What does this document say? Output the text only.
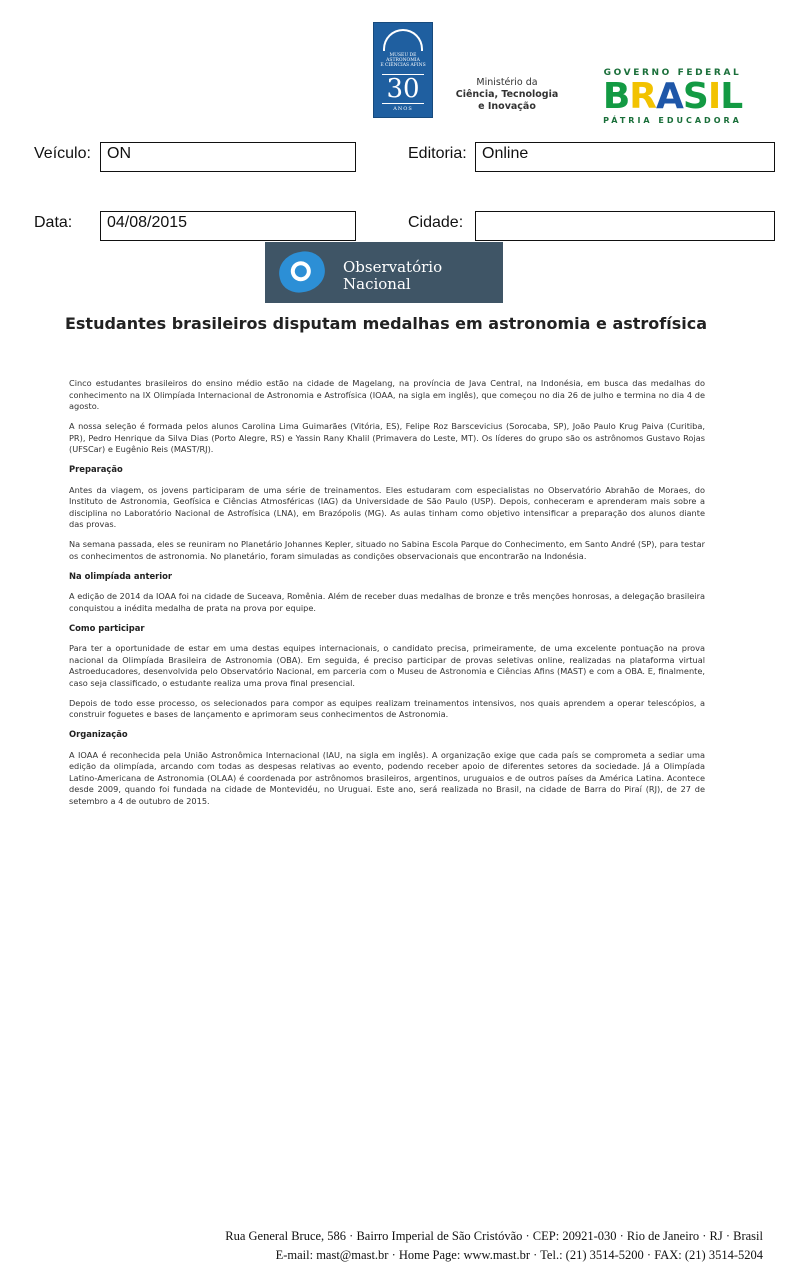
MUSEU DE
ASTRONOMIA
E CIÊNCIAS AFINS
30
ANOS
Ministério da
Ciência, Tecnologia
e Inovação
GOVERNO FEDERAL
BRASIL
PÁTRIA EDUCADORA
Veículo:	ON	Editoria: Online
Data:	04/08/2015	Cidade:
Observatório
Nacional
Estudantes brasileiros disputam medalhas em astronomia e astrofísica

Cinco estudantes brasileiros do ensino médio estão na cidade de Magelang, na província de Java Central, na Indonésia, em busca das medalhas do conhecimento na IX Olimpíada Internacional de Astronomia e Astrofísica (IOAA, na sigla em inglês), que começou no dia 26 de julho e termina no dia 4 de agosto.

A nossa seleção é formada pelos alunos Carolina Lima Guimarães (Vitória, ES), Felipe Roz Barscevicius (Sorocaba, SP), João Paulo Krug Paiva (Curitiba, PR), Pedro Henrique da Silva Dias (Porto Alegre, RS) e Yassin Rany Khalil (Primavera do Leste, MT). Os líderes do grupo são os astrônomos Gustavo Rojas (UFSCar) e Eugênio Reis (MAST/RJ).

Preparação

Antes da viagem, os jovens participaram de uma série de treinamentos. Eles estudaram com especialistas no Observatório Abrahão de Moraes, do Instituto de Astronomia, Geofísica e Ciências Atmosféricas (IAG) da Universidade de São Paulo (USP). Depois, conheceram e aprenderam mais sobre a disciplina no Laboratório Nacional de Astrofísica (LNA), em Brazópolis (MG). As aulas tinham como objetivo intensificar a preparação dos alunos diante das provas.

Na semana passada, eles se reuniram no Planetário Johannes Kepler, situado no Sabina Escola Parque do Conhecimento, em Santo André (SP), para testar os conhecimentos de astronomia. No planetário, foram simuladas as condições observacionais que encontrarão na Indonésia.

Na olimpíada anterior

A edição de 2014 da IOAA foi na cidade de Suceava, Romênia. Além de receber duas medalhas de bronze e três menções honrosas, a delegação brasileira conquistou a inédita medalha de prata na prova por equipe.

Como participar

Para ter a oportunidade de estar em uma destas equipes internacionais, o candidato precisa, primeiramente, de uma excelente pontuação na prova nacional da Olimpíada Brasileira de Astronomia (OBA). Em seguida, é preciso participar de provas seletivas online, realizadas na plataforma virtual Astroeducadores, desenvolvida pelo Observatório Nacional, em parceria com o Museu de Astronomia e Ciências Afins (MAST) e com a OBA. E, finalmente, caso seja classificado, o estudante realiza uma prova final presencial.

Depois de todo esse processo, os selecionados para compor as equipes realizam treinamentos intensivos, nos quais aprendem a operar telescópios, a construir foguetes e bases de lançamento e aprimoram seus conhecimentos de Astronomia.

Organização

A IOAA é reconhecida pela União Astronômica Internacional (IAU, na sigla em inglês). A organização exige que cada país se comprometa a sediar uma edição da olimpíada, arcando com todas as despesas relativas ao evento, podendo receber apoio de diferentes setores da sociedade. Já a Olimpíada Latino-Americana de Astronomia (OLAA) é coordenada por astrônomos brasileiros, argentinos, uruguaios e de outros países da América Latina. Acontece desde 2009, quando foi fundada na cidade de Montevidéu, no Uruguai. Este ano, será realizada no Brasil, na cidade de Barra do Piraí (RJ), de 27 de setembro a 4 de outubro de 2015.

Rua General Bruce, 586 · Bairro Imperial de São Cristóvão · CEP: 20921-030 · Rio de Janeiro · RJ · Brasil
E-mail: mast@mast.br · Home Page: www.mast.br · Tel.: (21) 3514-5200 · FAX: (21) 3514-5204
